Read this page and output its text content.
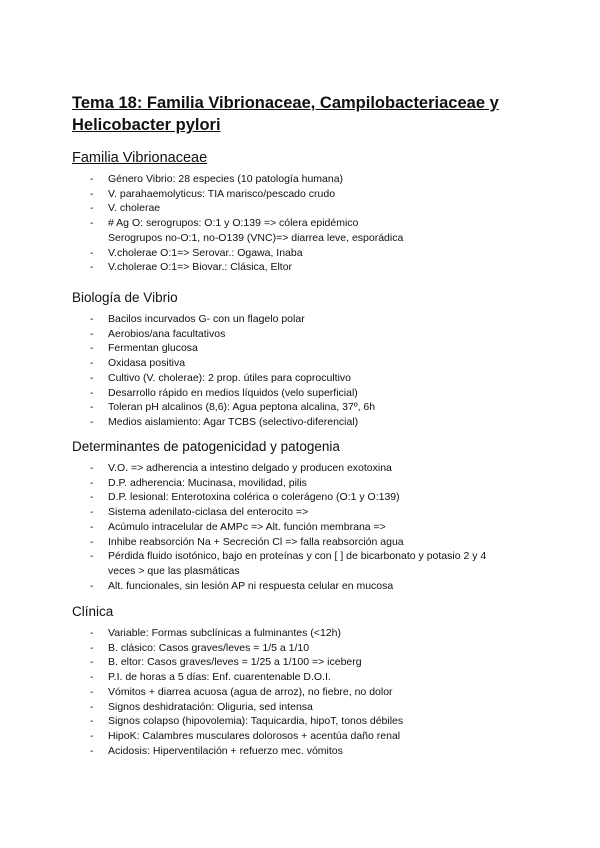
Tema 18: Familia Vibrionaceae, Campilobacteriaceae y Helicobacter pylori
Familia Vibrionaceae
- Género Vibrio: 28 especies (10 patología humana)
- V. parahaemolyticus: TIA marisco/pescado crudo
- V. cholerae
- # Ag O: serogrupos: O:1 y O:139 => cólera epidémico
Serogrupos no-O:1, no-O139 (VNC)=> diarrea leve, esporádica
- V.cholerae O:1=> Serovar.: Ogawa, Inaba
- V.cholerae O:1=> Biovar.: Clásica, Eltor
Biología de Vibrio
- Bacilos incurvados G- con un flagelo polar
- Aerobios/ana facultativos
- Fermentan glucosa
- Oxidasa positiva
- Cultivo (V. cholerae): 2 prop. útiles para coprocultivo
- Desarrollo rápido en medios líquidos (velo superficial)
- Toleran pH alcalinos (8,6): Agua peptona alcalina, 37º, 6h
- Medios aislamiento: Agar TCBS (selectivo-diferencial)
Determinantes de patogenicidad y patogenia
- V.O. => adherencia a intestino delgado y producen exotoxina
- D.P. adherencia: Mucinasa, movilidad, pilis
- D.P. lesional: Enterotoxina colérica o colerágeno (O:1 y O:139)
- Sistema adenilato-ciclasa del enterocito =>
- Acúmulo intracelular de AMPc => Alt. función membrana =>
- Inhibe reabsorción Na + Secreción Cl => falla reabsorción agua
- Pérdida fluido isotónico, bajo en proteínas y con [ ] de bicarbonato y potasio 2 y 4
veces > que las plasmáticas
- Alt. funcionales, sin lesión AP ni respuesta celular en mucosa
Clínica
- Variable: Formas subclínicas a fulminantes (<12h)
- B. clásico: Casos graves/leves = 1/5 a 1/10
- B. eltor: Casos graves/leves = 1/25 a 1/100 => iceberg
- P.I. de horas a 5 días: Enf. cuarentenable D.O.I.
- Vómitos + diarrea acuosa (agua de arroz), no fiebre, no dolor
- Signos deshidratación: Oliguria, sed intensa
- Signos colapso (hipovolemia): Taquicardia, hipoT, tonos débiles
- HipoK: Calambres musculares dolorosos + acentúa daño renal
- Acidosis: Hiperventilación + refuerzo mec. vómitos
